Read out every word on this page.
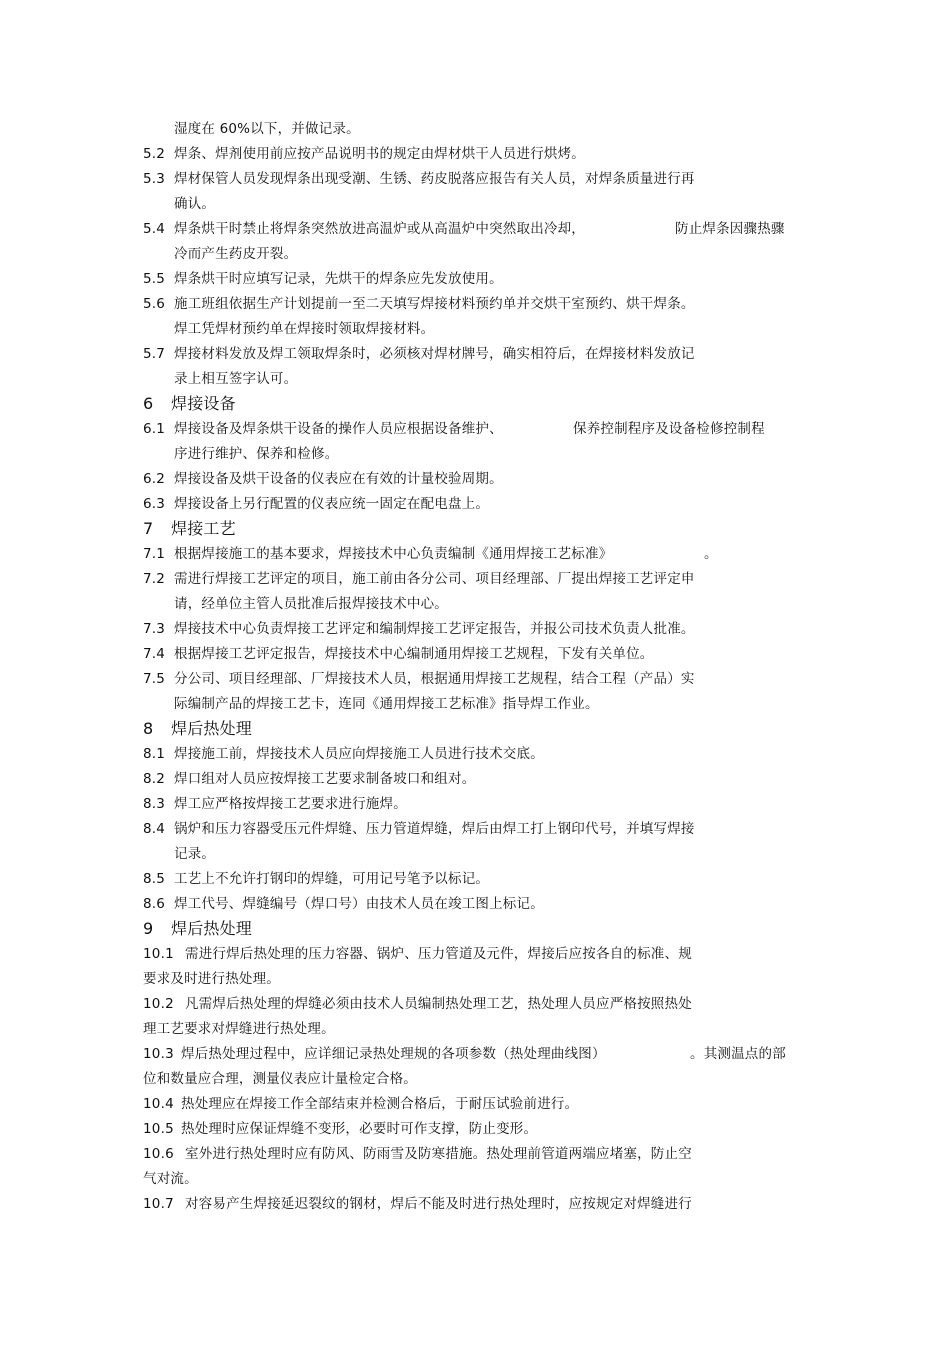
湿度在 60%以下，并做记录。
5.2 焊条、焊剂使用前应按产品说明书的规定由焊材烘干人员进行烘烤。
5.3 焊材保管人员发现焊条出现受潮、生锈、药皮脱落应报告有关人员，对焊条质量进行再
确认。
5.4 焊条烘干时禁止将焊条突然放进高温炉或从高温炉中突然取出冷却，	防止焊条因骤热骤
冷而产生药皮开裂。
5.5 焊条烘干时应填写记录，先烘干的焊条应先发放使用。
5.6 施工班组依据生产计划提前一至二天填写焊接材料预约单并交烘干室预约、烘干焊条。
焊工凭焊材预约单在焊接时领取焊接材料。
5.7 焊接材料发放及焊工领取焊条时，必须核对焊材牌号，确实相符后，在焊接材料发放记
录上相互签字认可。
6	焊接设备
6.1 焊接设备及焊条烘干设备的操作人员应根据设备维护、	保养控制程序及设备检修控制程
序进行维护、保养和检修。
6.2 焊接设备及烘干设备的仪表应在有效的计量校验周期。
6.3 焊接设备上另行配置的仪表应统一固定在配电盘上。
7	焊接工艺
7.1 根据焊接施工的基本要求，焊接技术中心负责编制《通用焊接工艺标准》	。
7.2 需进行焊接工艺评定的项目，施工前由各分公司、项目经理部、厂提出焊接工艺评定申
请，经单位主管人员批准后报焊接技术中心。
7.3 焊接技术中心负责焊接工艺评定和编制焊接工艺评定报告，并报公司技术负责人批准。
7.4 根据焊接工艺评定报告，焊接技术中心编制通用焊接工艺规程，下发有关单位。
7.5 分公司、项目经理部、厂焊接技术人员，根据通用焊接工艺规程，结合工程（产品）实
际编制产品的焊接工艺卡，连同《通用焊接工艺标准》指导焊工作业。
8	焊后热处理
8.1 焊接施工前，焊接技术人员应向焊接施工人员进行技术交底。
8.2 焊口组对人员应按焊接工艺要求制备坡口和组对。
8.3 焊工应严格按焊接工艺要求进行施焊。
8.4 锅炉和压力容器受压元件焊缝、压力管道焊缝，焊后由焊工打上钢印代号，并填写焊接
记录。
8.5 工艺上不允许打钢印的焊缝，可用记号笔予以标记。
8.6 焊工代号、焊缝编号（焊口号）由技术人员在竣工图上标记。
9	焊后热处理
10.1 需进行焊后热处理的压力容器、锅炉、压力管道及元件，焊接后应按各自的标准、规
要求及时进行热处理。
10.2 凡需焊后热处理的焊缝必须由技术人员编制热处理工艺，热处理人员应严格按照热处
理工艺要求对焊缝进行热处理。
10.3 焊后热处理过程中，应详细记录热处理规的各项参数（热处理曲线图）	。其测温点的部
位和数量应合理，测量仪表应计量检定合格。
10.4 热处理应在焊接工作全部结束并检测合格后，于耐压试验前进行。
10.5 热处理时应保证焊缝不变形，必要时可作支撑，防止变形。
10.6 室外进行热处理时应有防风、防雨雪及防寒措施。热处理前管道两端应堵塞，防止空
气对流。
10.7 对容易产生焊接延迟裂纹的钢材，焊后不能及时进行热处理时，应按规定对焊缝进行
